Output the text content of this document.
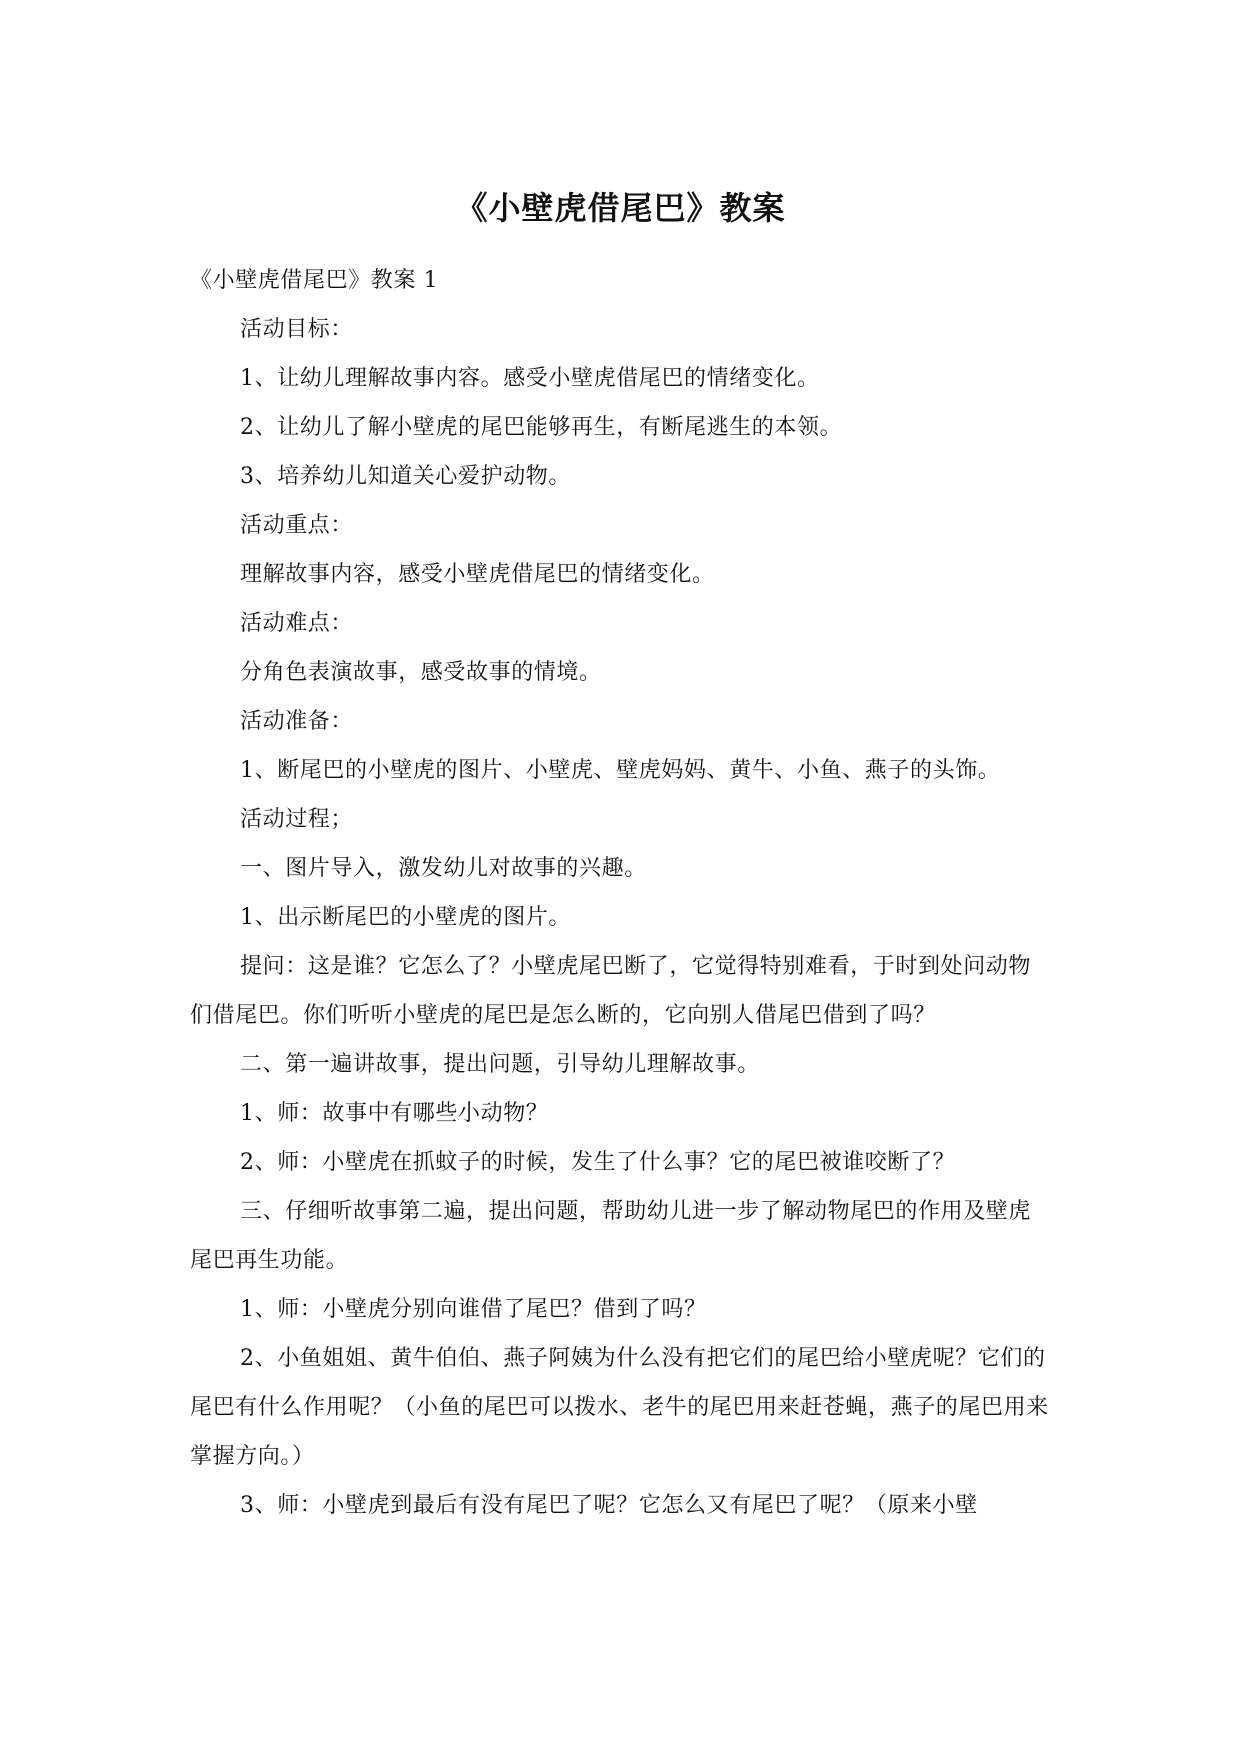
《小壁虎借尾巴》教案

《小壁虎借尾巴》教案 1

活动目标：

1、让幼儿理解故事内容。感受小壁虎借尾巴的情绪变化。

2、让幼儿了解小壁虎的尾巴能够再生，有断尾逃生的本领。

3、培养幼儿知道关心爱护动物。

活动重点：

理解故事内容，感受小壁虎借尾巴的情绪变化。

活动难点：

分角色表演故事，感受故事的情境。

活动准备：

1、断尾巴的小壁虎的图片、小壁虎、壁虎妈妈、黄牛、小鱼、燕子的头饰。

活动过程；

一、图片导入，激发幼儿对故事的兴趣。

1、出示断尾巴的小壁虎的图片。

提问：这是谁？它怎么了？小壁虎尾巴断了，它觉得特别难看，于时到处问动物们借尾巴。你们听听小壁虎的尾巴是怎么断的，它向别人借尾巴借到了吗？

二、第一遍讲故事，提出问题，引导幼儿理解故事。

1、师：故事中有哪些小动物？

2、师：小壁虎在抓蚊子的时候，发生了什么事？它的尾巴被谁咬断了？

三、仔细听故事第二遍，提出问题，帮助幼儿进一步了解动物尾巴的作用及壁虎尾巴再生功能。

1、师：小壁虎分别向谁借了尾巴？借到了吗？

2、小鱼姐姐、黄牛伯伯、燕子阿姨为什么没有把它们的尾巴给小壁虎呢？它们的尾巴有什么作用呢？（小鱼的尾巴可以拨水、老牛的尾巴用来赶苍蝇，燕子的尾巴用来掌握方向。）

3、师：小壁虎到最后有没有尾巴了呢？它怎么又有尾巴了呢？（原来小壁
